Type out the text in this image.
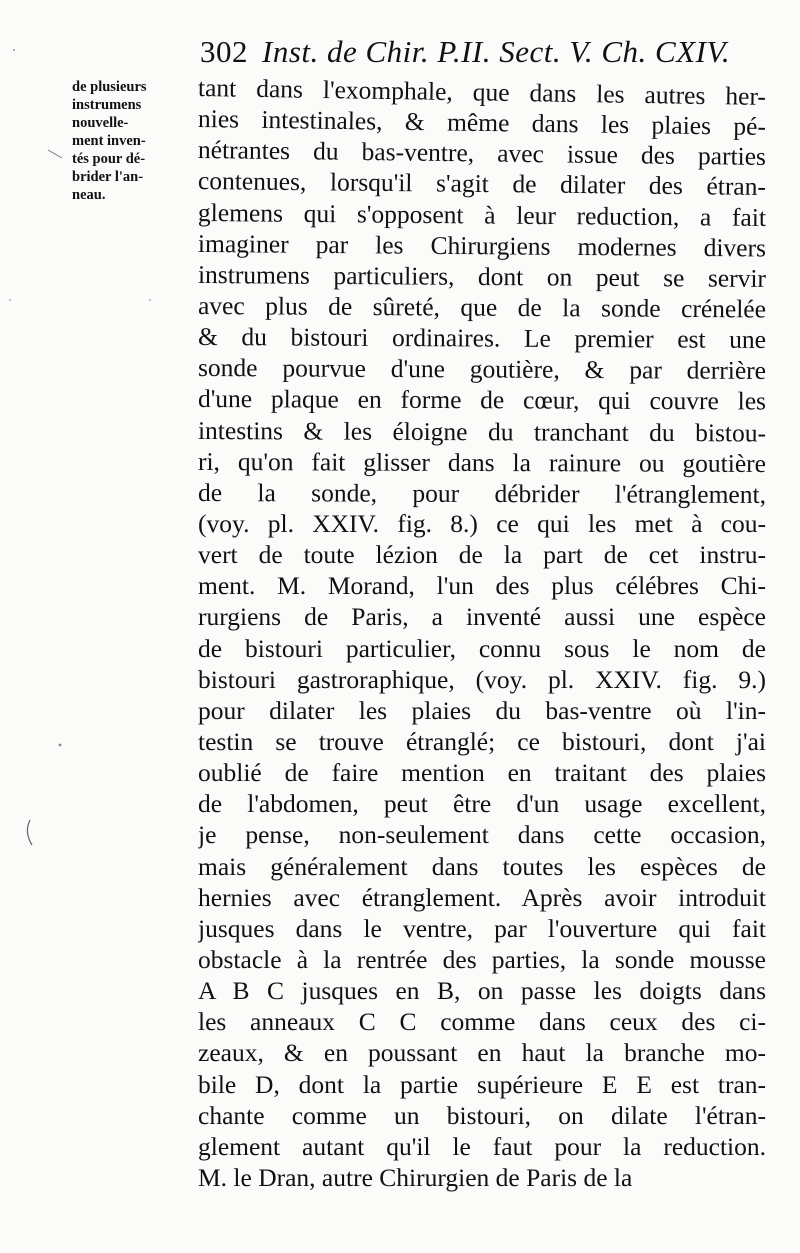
302 Inst. de Chir. P.II. Sect. V. Ch. CXIV.
de plusieurs
instrumens
nouvelle-
ment inven-
tés pour dé-
brider l'an-
neau.
tant dans l'exomphale, que dans les autres her-
nies intestinales, & même dans les plaies pé-
nétrantes du bas-ventre, avec issue des parties
contenues, lorsqu'il s'agit de dilater des étran-
glemens qui s'opposent à leur reduction, a fait
imaginer par les Chirurgiens modernes divers
instrumens particuliers, dont on peut se servir
avec plus de sûreté, que de la sonde crénelée
& du bistouri ordinaires. Le premier est une
sonde pourvue d'une goutière, & par derrière
d'une plaque en forme de cœur, qui couvre les
intestins & les éloigne du tranchant du bistou-
ri, qu'on fait glisser dans la rainure ou goutière
de la sonde, pour débrider l'étranglement,
(voy. pl. XXIV. fig. 8.) ce qui les met à cou-
vert de toute lézion de la part de cet instru-
ment. M. Morand, l'un des plus célébres Chi-
rurgiens de Paris, a inventé aussi une espèce
de bistouri particulier, connu sous le nom de
bistouri gastroraphique, (voy. pl. XXIV. fig. 9.)
pour dilater les plaies du bas-ventre où l'in-
testin se trouve étranglé; ce bistouri, dont j'ai
oublié de faire mention en traitant des plaies
de l'abdomen, peut être d'un usage excellent,
je pense, non-seulement dans cette occasion,
mais généralement dans toutes les espèces de
hernies avec étranglement. Après avoir introduit
jusques dans le ventre, par l'ouverture qui fait
obstacle à la rentrée des parties, la sonde mousse
A B C jusques en B, on passe les doigts dans
les anneaux C C comme dans ceux des ci-
zeaux, & en poussant en haut la branche mo-
bile D, dont la partie supérieure E E est tran-
chante comme un bistouri, on dilate l'étran-
glement autant qu'il le faut pour la reduction.
M. le Dran, autre Chirurgien de Paris de la
